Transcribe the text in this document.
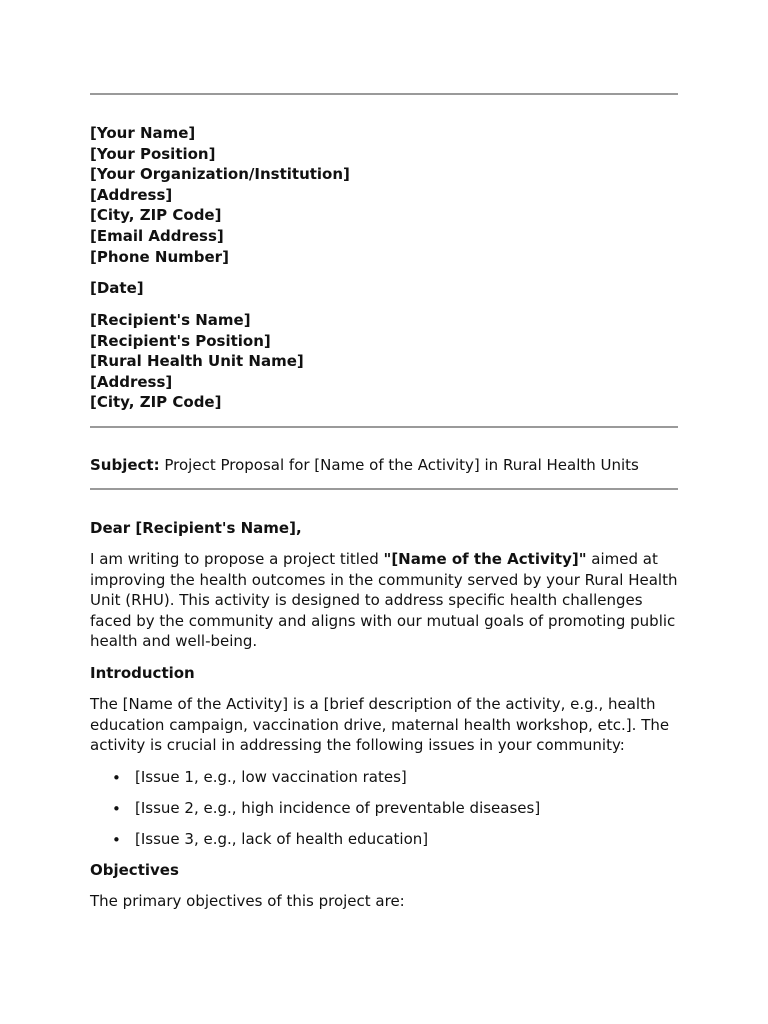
[Your Name]
[Your Position]
[Your Organization/Institution]
[Address]
[City, ZIP Code]
[Email Address]
[Phone Number]
[Date]
[Recipient's Name]
[Recipient's Position]
[Rural Health Unit Name]
[Address]
[City, ZIP Code]
Subject: Project Proposal for [Name of the Activity] in Rural Health Units
Dear [Recipient's Name],
I am writing to propose a project titled "[Name of the Activity]" aimed at improving the health outcomes in the community served by your Rural Health Unit (RHU). This activity is designed to address specific health challenges faced by the community and aligns with our mutual goals of promoting public health and well-being.
Introduction
The [Name of the Activity] is a [brief description of the activity, e.g., health education campaign, vaccination drive, maternal health workshop, etc.]. The activity is crucial in addressing the following issues in your community:
• [Issue 1, e.g., low vaccination rates]
• [Issue 2, e.g., high incidence of preventable diseases]
• [Issue 3, e.g., lack of health education]
Objectives
The primary objectives of this project are:
